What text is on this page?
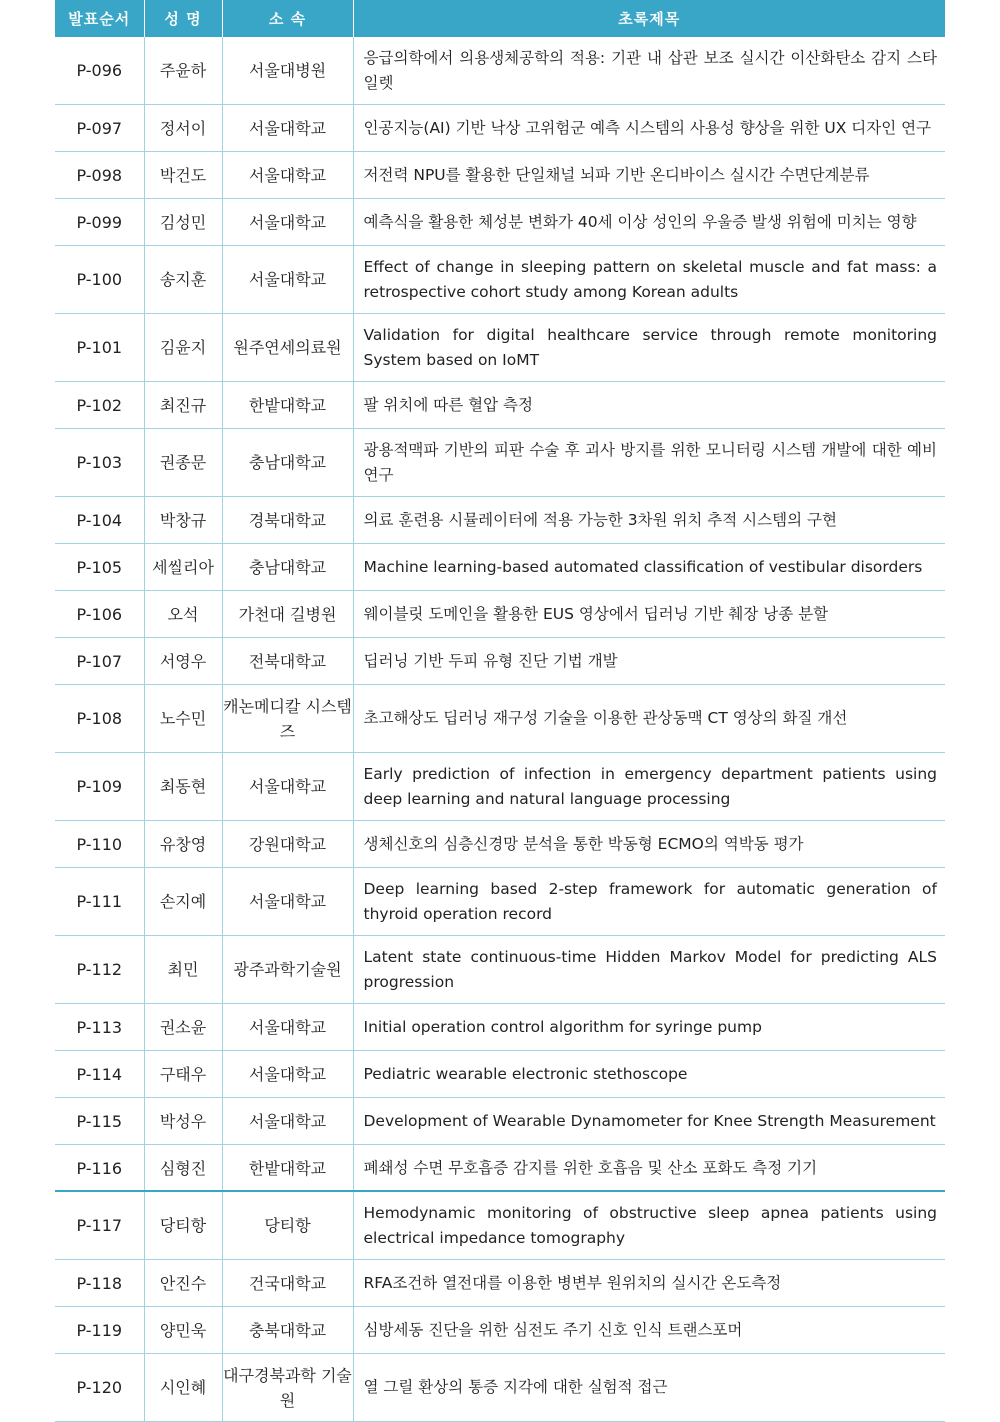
발표순서	성 명	소 속	초록제목
P-096	주윤하	서울대병원	응급의학에서 의용생체공학의 적용: 기관 내 삽관 보조 실시간 이산화탄소 감지 스타일렛
P-097	정서이	서울대학교	인공지능(AI) 기반 낙상 고위험군 예측 시스템의 사용성 향상을 위한 UX 디자인 연구
P-098	박건도	서울대학교	저전력 NPU를 활용한 단일채널 뇌파 기반 온디바이스 실시간 수면단계분류
P-099	김성민	서울대학교	예측식을 활용한 체성분 변화가 40세 이상 성인의 우울증 발생 위험에 미치는 영향
P-100	송지훈	서울대학교	Effect of change in sleeping pattern on skeletal muscle and fat mass: a retrospective cohort study among Korean adults
P-101	김윤지	원주연세의료원	Validation for digital healthcare service through remote monitoring System based on IoMT
P-102	최진규	한밭대학교	팔 위치에 따른 혈압 측정
P-103	권종문	충남대학교	광용적맥파 기반의 피판 수술 후 괴사 방지를 위한 모니터링 시스템 개발에 대한 예비연구
P-104	박창규	경북대학교	의료 훈련용 시뮬레이터에 적용 가능한 3차원 위치 추적 시스템의 구현
P-105	세씰리아	충남대학교	Machine learning-based automated classification of vestibular disorders
P-106	오석	가천대 길병원	웨이블릿 도메인을 활용한 EUS 영상에서 딥러닝 기반 췌장 낭종 분할
P-107	서영우	전북대학교	딥러닝 기반 두피 유형 진단 기법 개발
P-108	노수민	캐논메디칼 시스템즈	초고해상도 딥러닝 재구성 기술을 이용한 관상동맥 CT 영상의 화질 개선
P-109	최동현	서울대학교	Early prediction of infection in emergency department patients using deep learning and natural language processing
P-110	유창영	강원대학교	생체신호의 심층신경망 분석을 통한 박동형 ECMO의 역박동 평가
P-111	손지예	서울대학교	Deep learning based 2-step framework for automatic generation of thyroid operation record
P-112	최민	광주과학기술원	Latent state continuous-time Hidden Markov Model for predicting ALS progression
P-113	권소윤	서울대학교	Initial operation control algorithm for syringe pump
P-114	구태우	서울대학교	Pediatric wearable electronic stethoscope
P-115	박성우	서울대학교	Development of Wearable Dynamometer for Knee Strength Measurement
P-116	심형진	한밭대학교	폐쇄성 수면 무호흡증 감지를 위한 호흡음 및 산소 포화도 측정 기기
P-117	당티항	당티항	Hemodynamic monitoring of obstructive sleep apnea patients using electrical impedance tomography
P-118	안진수	건국대학교	RFA조건하 열전대를 이용한 병변부 원위치의 실시간 온도측정
P-119	양민욱	충북대학교	심방세동 진단을 위한 심전도 주기 신호 인식 트랜스포머
P-120	시인혜	대구경북과학 기술원	열 그릴 환상의 통증 지각에 대한 실험적 접근
